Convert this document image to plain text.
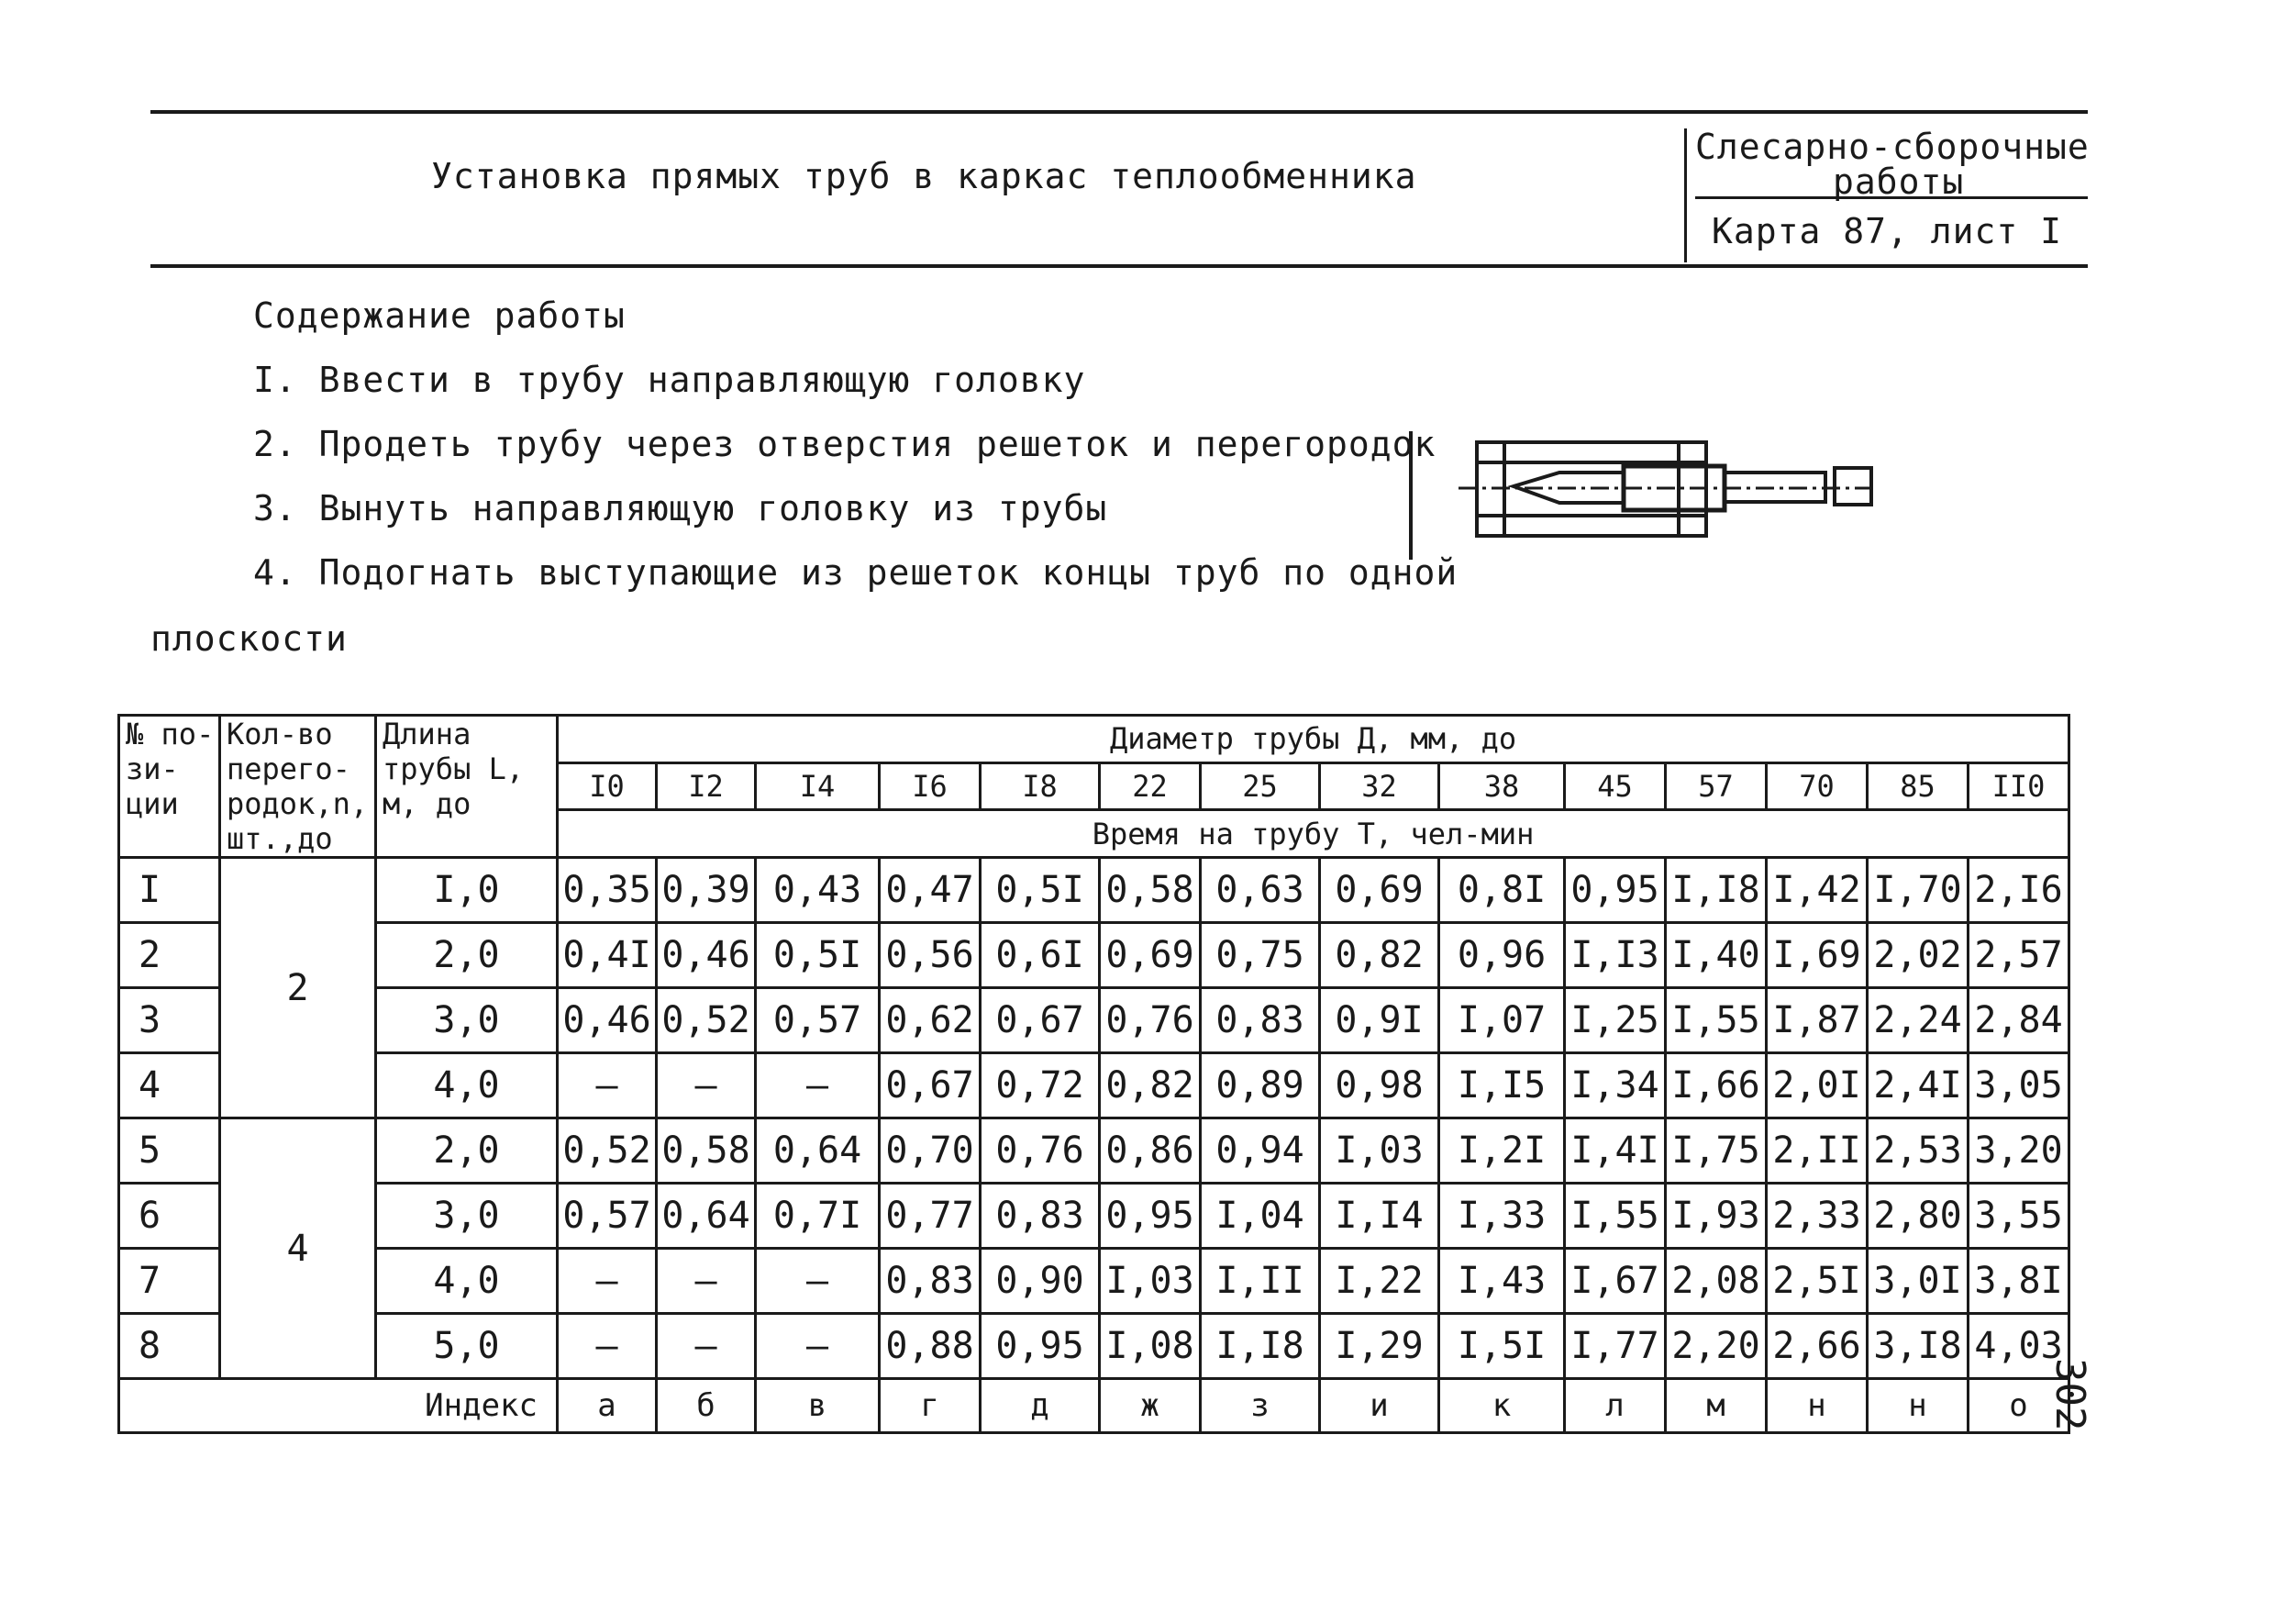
Установка прямых труб в каркас теплообменника
Слесарно-сборочные
работы
Карта 87, лист I
Содержание работы
I. Ввести в трубу направляющую головку
2. Продеть трубу через отверстия решеток и перегородок
3. Вынуть направляющую головку из трубы
4. Подогнать выступающие из решеток концы труб по одной
плоскости
№ по-зи-ции	Кол-во перего-родок,n, шт.,до	Длина трубы L, м, до	Диаметр трубы Д, мм, до													
			I0	I2	I4	I6	I8	22	25	32	38	45	57	70	85	II0
			Время на трубу Т, чел-мин													
I	2	I,0	0,35	0,39	0,43	0,47	0,5I	0,58	0,63	0,69	0,8I	0,95	I,I8	I,42	I,70	2,I6
2		2,0	0,4I	0,46	0,5I	0,56	0,6I	0,69	0,75	0,82	0,96	I,I3	I,40	I,69	2,02	2,57
3		3,0	0,46	0,52	0,57	0,62	0,67	0,76	0,83	0,9I	I,07	I,25	I,55	I,87	2,24	2,84
4		4,0	–	–	–	0,67	0,72	0,82	0,89	0,98	I,I5	I,34	I,66	2,0I	2,4I	3,05
5	4	2,0	0,52	0,58	0,64	0,70	0,76	0,86	0,94	I,03	I,2I	I,4I	I,75	2,II	2,53	3,20
6		3,0	0,57	0,64	0,7I	0,77	0,83	0,95	I,04	I,I4	I,33	I,55	I,93	2,33	2,80	3,55
7		4,0	–	–	–	0,83	0,90	I,03	I,II	I,22	I,43	I,67	2,08	2,5I	3,0I	3,8I
8		5,0	–	–	–	0,88	0,95	I,08	I,I8	I,29	I,5I	I,77	2,20	2,66	3,I8	4,03
Индекс			а	б	в	г	д	ж	з	и	к	л	м	н	н	о 302
